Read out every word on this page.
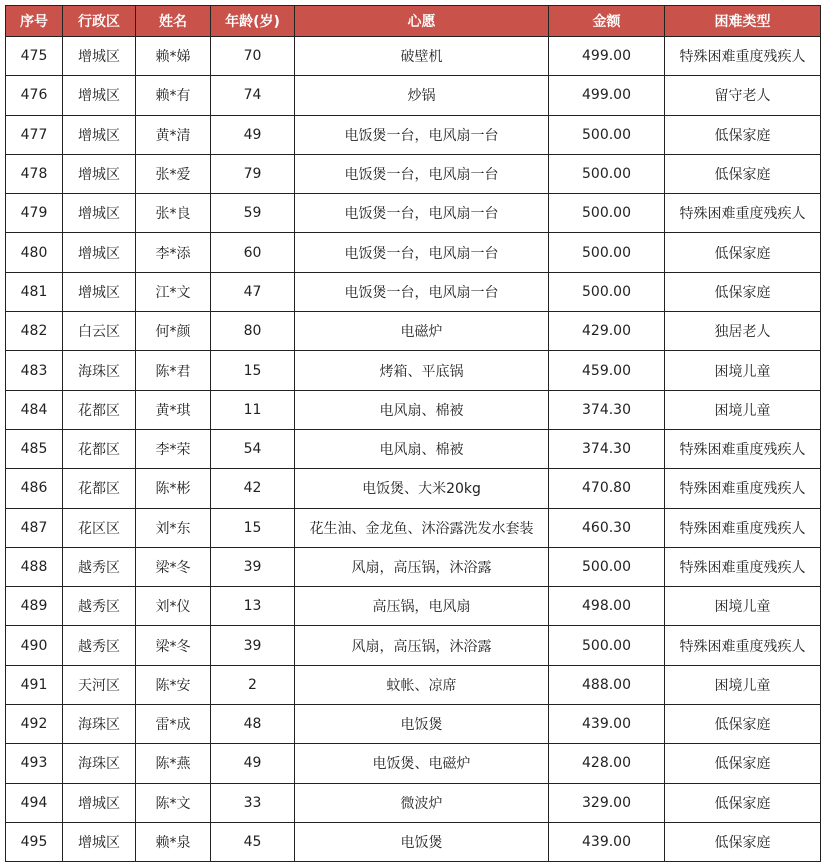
序号	行政区	姓名	年龄(岁)	心愿	金额	困难类型
475	增城区	赖*娣	70	破壁机	499.00	特殊困难重度残疾人
476	增城区	赖*有	74	炒锅	499.00	留守老人
477	增城区	黄*清	49	电饭煲一台，电风扇一台	500.00	低保家庭
478	增城区	张*爱	79	电饭煲一台，电风扇一台	500.00	低保家庭
479	增城区	张*良	59	电饭煲一台，电风扇一台	500.00	特殊困难重度残疾人
480	增城区	李*添	60	电饭煲一台，电风扇一台	500.00	低保家庭
481	增城区	江*文	47	电饭煲一台，电风扇一台	500.00	低保家庭
482	白云区	何*颜	80	电磁炉	429.00	独居老人
483	海珠区	陈*君	15	烤箱、平底锅	459.00	困境儿童
484	花都区	黄*琪	11	电风扇、棉被	374.30	困境儿童
485	花都区	李*荣	54	电风扇、棉被	374.30	特殊困难重度残疾人
486	花都区	陈*彬	42	电饭煲、大米20kg	470.80	特殊困难重度残疾人
487	花区区	刘*东	15	花生油、金龙鱼、沐浴露洗发水套装	460.30	特殊困难重度残疾人
488	越秀区	梁*冬	39	风扇，高压锅，沐浴露	500.00	特殊困难重度残疾人
489	越秀区	刘*仪	13	高压锅，电风扇	498.00	困境儿童
490	越秀区	梁*冬	39	风扇，高压锅，沐浴露	500.00	特殊困难重度残疾人
491	天河区	陈*安	2	蚊帐、凉席	488.00	困境儿童
492	海珠区	雷*成	48	电饭煲	439.00	低保家庭
493	海珠区	陈*燕	49	电饭煲、电磁炉	428.00	低保家庭
494	增城区	陈*文	33	微波炉	329.00	低保家庭
495	增城区	赖*泉	45	电饭煲	439.00	低保家庭
